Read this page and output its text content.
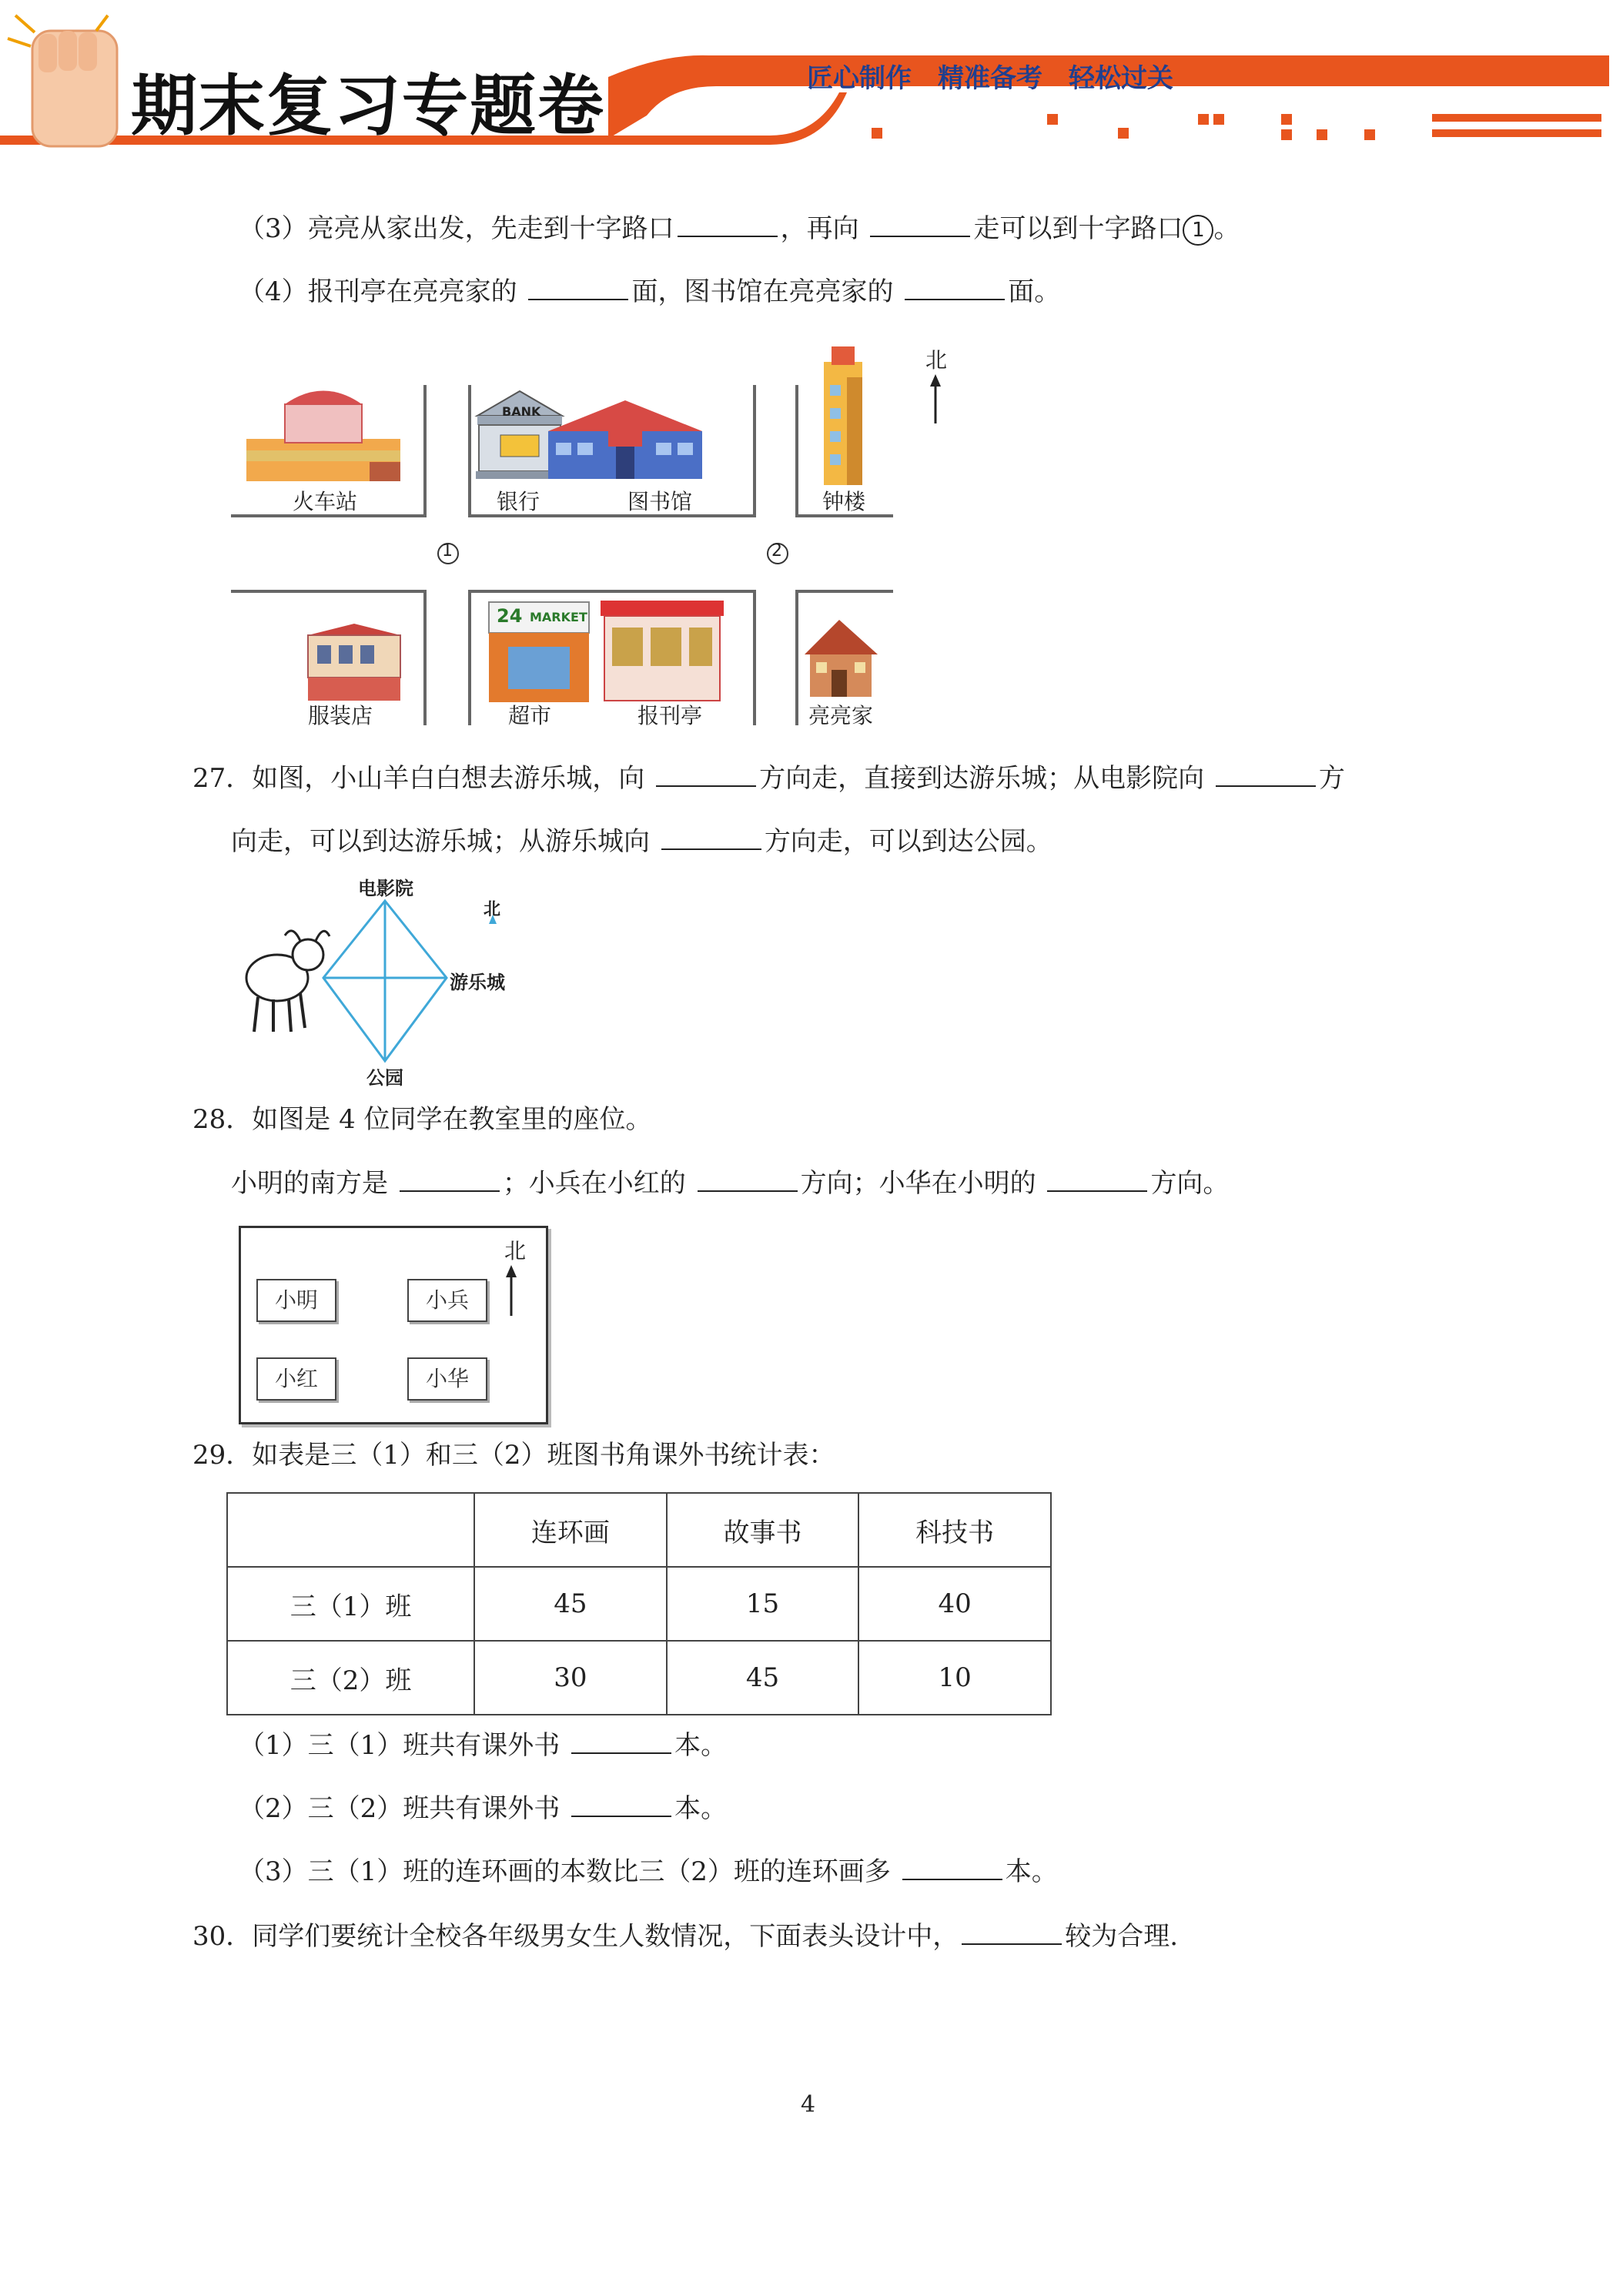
期末复习专题卷	匠心制作　精准备考　轻松过关
（3）亮亮从家出发，先走到十字路口	，再向	走可以到十字路口 1 。
（4）报刊亭在亮亮家的	面，图书馆在亮亮家的	面。
北
1	2
BANK
MARKET
24
火车站	银行	图书馆	钟楼
服装店	超市	报刊亭	亮亮家
27．如图，小山羊白白想去游乐城，向	方向走，直接到达游乐城；从电影院向	方
向走，可以到达游乐城；从游乐城向	方向走，可以到达公园。
电影院
游乐城
公园
北
28．如图是 4 位同学在教室里的座位。
小明的南方是	；小兵在小红的	方向；小华在小明的	方向。
小明	小兵
小红	小华
北
29．如表是三（1）和三（2）班图书角课外书统计表：
	连环画	故事书	科技书
三（1）班	45	15	40
三（2）班	30	45	10
（1）三（1）班共有课外书	本。
（2）三（2）班共有课外书	本。
（3）三（1）班的连环画的本数比三（2）班的连环画多	本。
30．同学们要统计全校各年级男女生人数情况，下面表头设计中，	较为合理.
4
